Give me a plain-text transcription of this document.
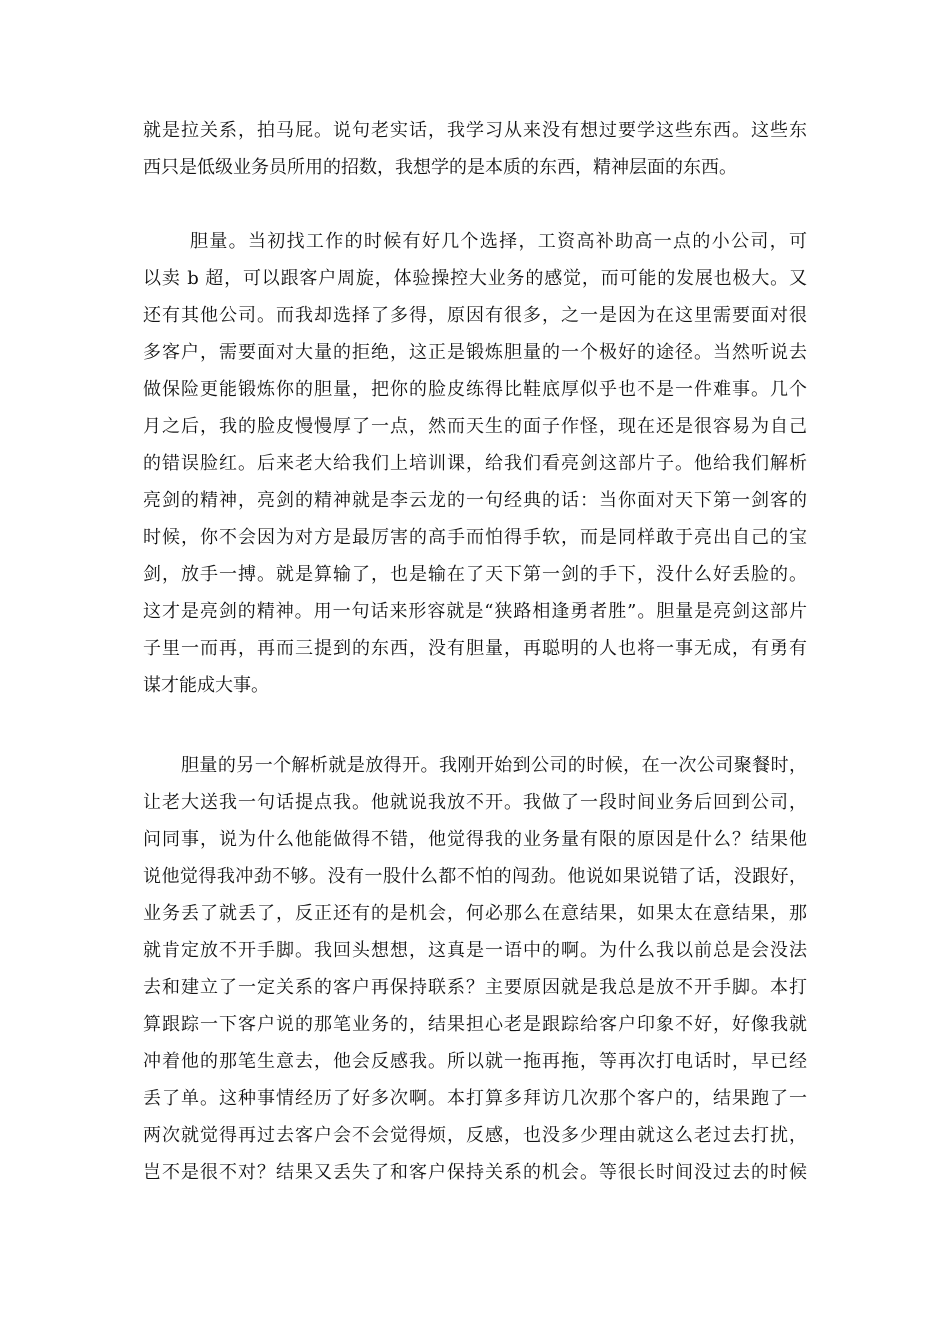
就是拉关系，拍马屁。说句老实话，我学习从来没有想过要学这些东西。这些东
西只是低级业务员所用的招数，我想学的是本质的东西，精神层面的东西。
胆量。当初找工作的时候有好几个选择，工资高补助高一点的小公司，可
以卖 b 超，可以跟客户周旋，体验操控大业务的感觉，而可能的发展也极大。又
还有其他公司。而我却选择了多得，原因有很多，之一是因为在这里需要面对很
多客户，需要面对大量的拒绝，这正是锻炼胆量的一个极好的途径。当然听说去
做保险更能锻炼你的胆量，把你的脸皮练得比鞋底厚似乎也不是一件难事。几个
月之后，我的脸皮慢慢厚了一点，然而天生的面子作怪，现在还是很容易为自己
的错误脸红。后来老大给我们上培训课，给我们看亮剑这部片子。他给我们解析
亮剑的精神，亮剑的精神就是李云龙的一句经典的话：当你面对天下第一剑客的
时候，你不会因为对方是最厉害的高手而怕得手软，而是同样敢于亮出自己的宝
剑，放手一搏。就是算输了，也是输在了天下第一剑的手下，没什么好丢脸的。
这才是亮剑的精神。用一句话来形容就是“狭路相逢勇者胜”。胆量是亮剑这部片
子里一而再，再而三提到的东西，没有胆量，再聪明的人也将一事无成，有勇有
谋才能成大事。
胆量的另一个解析就是放得开。我刚开始到公司的时候，在一次公司聚餐时，
让老大送我一句话提点我。他就说我放不开。我做了一段时间业务后回到公司，
问同事，说为什么他能做得不错，他觉得我的业务量有限的原因是什么？结果他
说他觉得我冲劲不够。没有一股什么都不怕的闯劲。他说如果说错了话，没跟好，
业务丢了就丢了，反正还有的是机会，何必那么在意结果，如果太在意结果，那
就肯定放不开手脚。我回头想想，这真是一语中的啊。为什么我以前总是会没法
去和建立了一定关系的客户再保持联系？主要原因就是我总是放不开手脚。本打
算跟踪一下客户说的那笔业务的，结果担心老是跟踪给客户印象不好，好像我就
冲着他的那笔生意去，他会反感我。所以就一拖再拖，等再次打电话时，早已经
丢了单。这种事情经历了好多次啊。本打算多拜访几次那个客户的，结果跑了一
两次就觉得再过去客户会不会觉得烦，反感，也没多少理由就这么老过去打扰，
岂不是很不对？结果又丢失了和客户保持关系的机会。等很长时间没过去的时候
